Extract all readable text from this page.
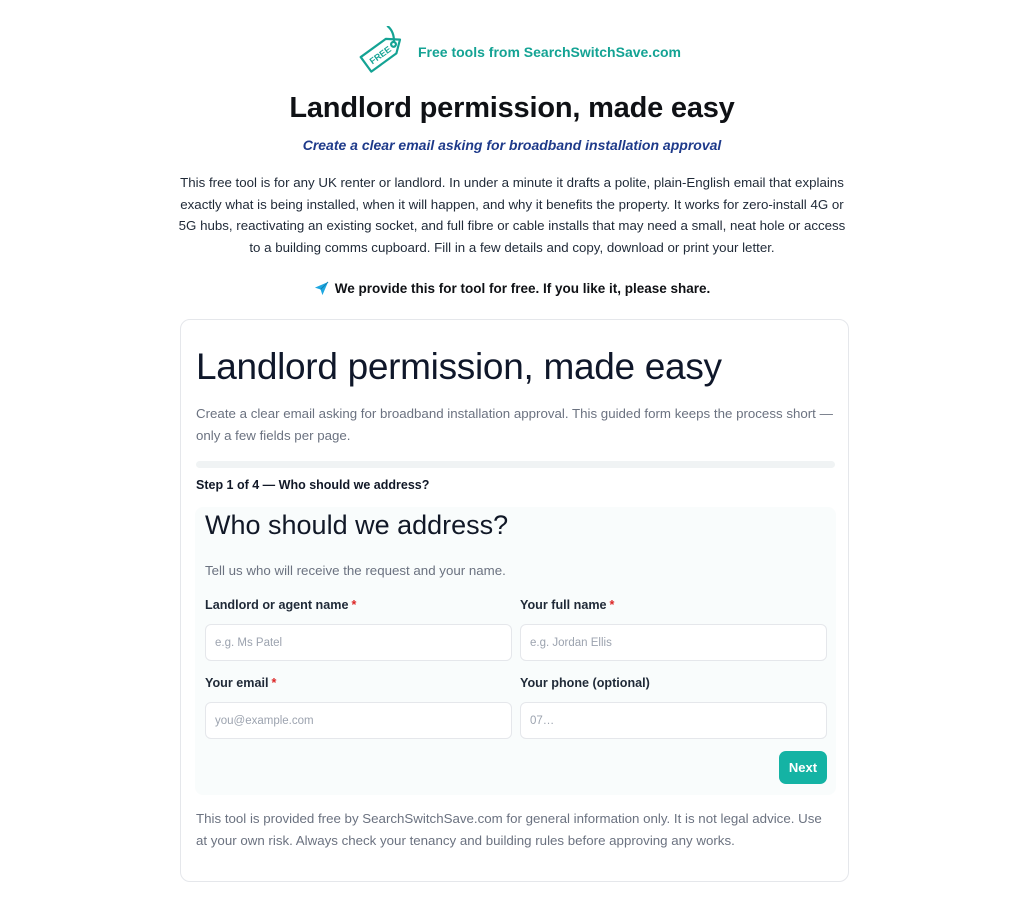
FREE Free tools from SearchSwitchSave.com
Landlord permission, made easy

Create a clear email asking for broadband installation approval

This free tool is for any UK renter or landlord. In under a minute it drafts a polite, plain-English email that explains exactly what is being installed, when it will happen, and why it benefits the property. It works for zero-install 4G or 5G hubs, reactivating an existing socket, and full fibre or cable installs that may need a small, neat hole or access to a building comms cupboard. Fill in a few details and copy, download or print your letter.

We provide this for tool for free. If you like it, please share.
Landlord permission, made easy

Create a clear email asking for broadband installation approval. This guided form keeps the process short — only a few fields per page.

Step 1 of 4 — Who should we address?
Who should we address?

Tell us who will receive the request and your name.

Landlord or agent name *
e.g. Ms Patel	Your full name *
e.g. Jordan Ellis
Your email *
you@example.com	Your phone (optional)
07…
Next

This tool is provided free by SearchSwitchSave.com for general information only. It is not legal advice. Use at your own risk. Always check your tenancy and building rules before approving any works.
